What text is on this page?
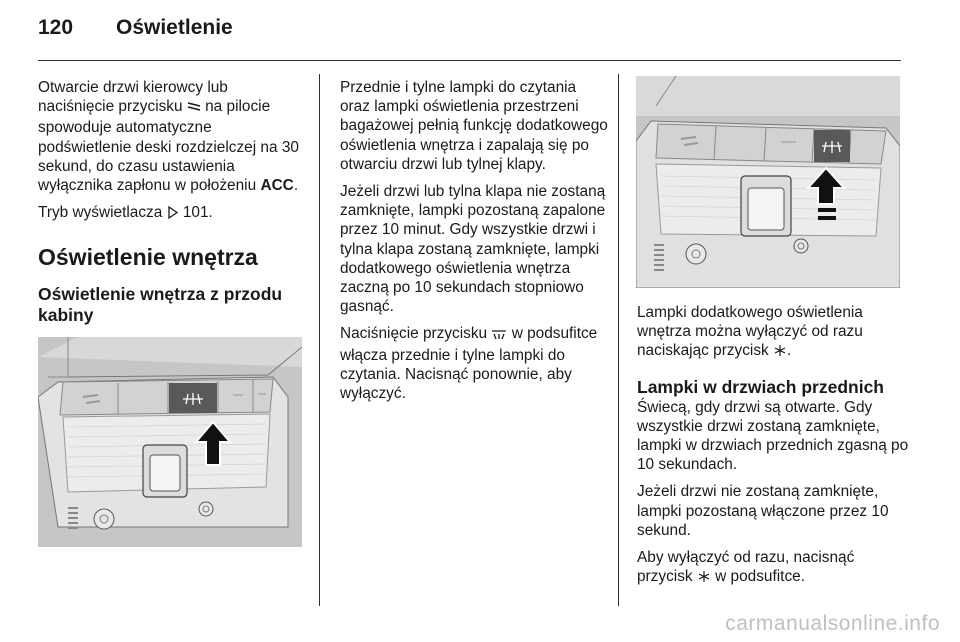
120 Oświetlenie

Otwarcie drzwi kierowcy lub naciśnięcie przycisku na pilocie spowoduje automatyczne podświetlenie deski rozdzielczej na 30 sekund, do czasu ustawienia wyłącznika zapłonu w położeniu ACC.

Tryb wyświetlacza 101.

Oświetlenie wnętrza
Oświetlenie wnętrza z przodu kabiny

Przednie i tylne lampki do czytania oraz lampki oświetlenia przestrzeni bagażowej pełnią funkcję dodatkowego oświetlenia wnętrza i zapalają się po otwarciu drzwi lub tylnej klapy.

Jeżeli drzwi lub tylna klapa nie zostaną zamknięte, lampki pozostaną zapalone przez 10 minut. Gdy wszystkie drzwi i tylna klapa zostaną zamknięte, lampki dodatkowego oświetlenia wnętrza zaczną po 10 sekundach stopniowo gasnąć.

Naciśnięcie przycisku w podsufitce włącza przednie i tylne lampki do czytania. Nacisnąć ponownie, aby wyłączyć.

Lampki dodatkowego oświetlenia wnętrza można wyłączyć od razu naciskając przycisk .

Lampki w drzwiach przednich

Świecą, gdy drzwi są otwarte. Gdy wszystkie drzwi zostaną zamknięte, lampki w drzwiach przednich zgasną po 10 sekundach.

Jeżeli drzwi nie zostaną zamknięte, lampki pozostaną włączone przez 10 sekund.

Aby wyłączyć od razu, nacisnąć przycisk w podsufitce.

carmanualsonline.info
